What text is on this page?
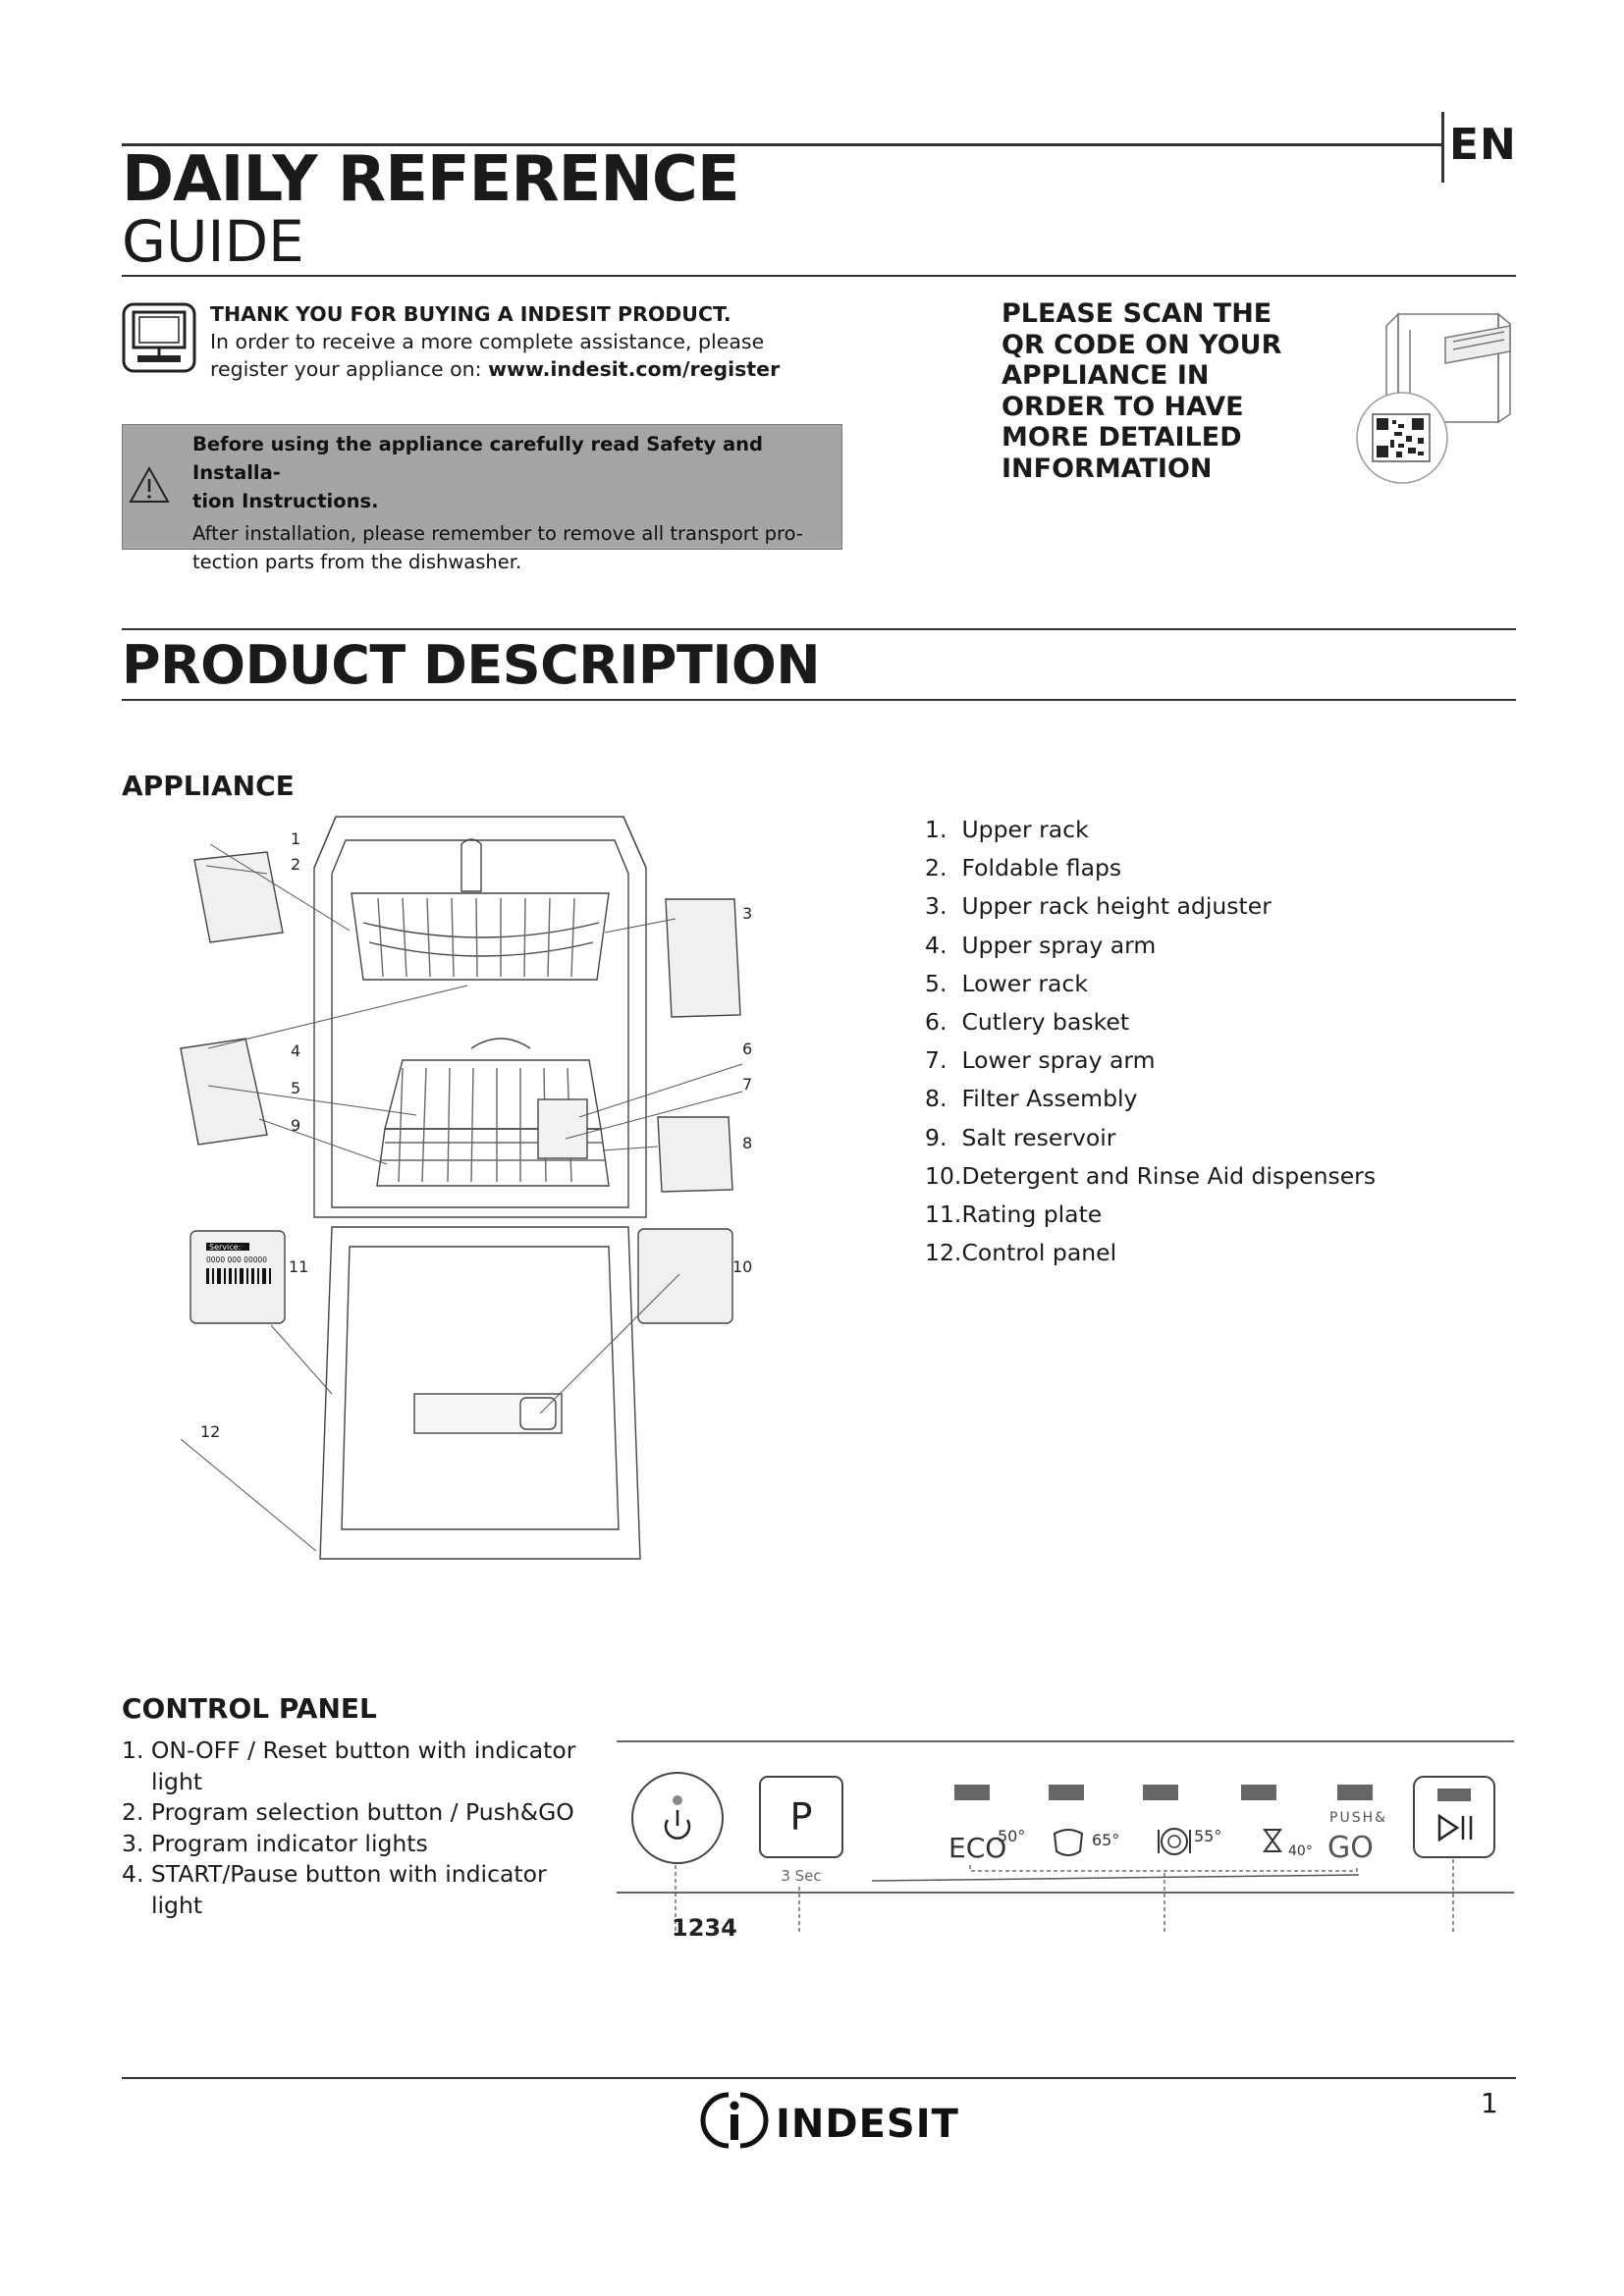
EN
DAILY REFERENCE
GUIDE
THANK YOU FOR BUYING A INDESIT PRODUCT.
In order to receive a more complete assistance, please
register your appliance on: www.indesit.com/register
Before using the appliance carefully read Safety and Installa-
tion Instructions.
After installation, please remember to remove all transport pro-
tection parts from the dishwasher.
PLEASE SCAN THE
QR CODE ON YOUR
APPLIANCE IN
ORDER TO HAVE
MORE DETAILED
INFORMATION
PRODUCT DESCRIPTION
APPLIANCE
Service:
0000 000 00000
1
2
3
4
5
6
7
8
9
10
11
12
1. Upper rack
2. Foldable flaps
3. Upper rack height adjuster
4. Upper spray arm
5. Lower rack
6. Cutlery basket
7. Lower spray arm
8. Filter Assembly
9. Salt reservoir
10. Detergent and Rinse Aid dispensers
11. Rating plate
12. Control panel
CONTROL PANEL
1. ON-OFF / Reset button with indicator light
2. Program selection button / Push&GO
3. Program indicator lights
4. START/Pause button with indicator light
P
3 Sec
ECO
50°	65°	55°
40°
PUSH&
GO
1234
INDESIT	1
